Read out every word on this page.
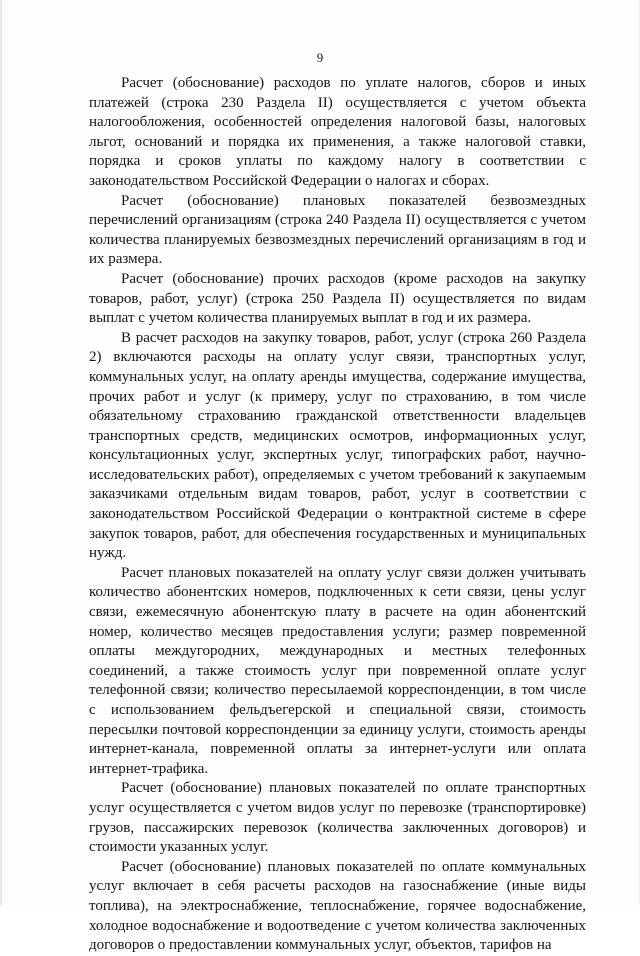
9

Расчет (обоснование) расходов по уплате налогов, сборов и иных платежей (строка 230 Раздела II) осуществляется с учетом объекта налогообложения, особенностей определения налоговой базы, налоговых льгот, оснований и порядка их применения, а также налоговой ставки, порядка и сроков уплаты по каждому налогу в соответствии с законодательством Российской Федерации о налогах и сборах.

Расчет (обоснование) плановых показателей безвозмездных перечислений организациям (строка 240 Раздела II) осуществляется с учетом количества планируемых безвозмездных перечислений организациям в год и их размера.

Расчет (обоснование) прочих расходов (кроме расходов на закупку товаров, работ, услуг) (строка 250 Раздела II) осуществляется по видам выплат с учетом количества планируемых выплат в год и их размера.

В расчет расходов на закупку товаров, работ, услуг (строка 260 Раздела 2) включаются расходы на оплату услуг связи, транспортных услуг, коммунальных услуг, на оплату аренды имущества, содержание имущества, прочих работ и услуг (к примеру, услуг по страхованию, в том числе обязательному страхованию гражданской ответственности владельцев транспортных средств, медицинских осмотров, информационных услуг, консультационных услуг, экспертных услуг, типографских работ, научно-исследовательских работ), определяемых с учетом требований к закупаемым заказчиками отдельным видам товаров, работ, услуг в соответствии с законодательством Российской Федерации о контрактной системе в сфере закупок товаров, работ, для обеспечения государственных и муниципальных нужд.

Расчет плановых показателей на оплату услуг связи должен учитывать количество абонентских номеров, подключенных к сети связи, цены услуг связи, ежемесячную абонентскую плату в расчете на один абонентский номер, количество месяцев предоставления услуги; размер повременной оплаты междугородних, международных и местных телефонных соединений, а также стоимость услуг при повременной оплате услуг телефонной связи; количество пересылаемой корреспонденции, в том числе с использованием фельдъегерской и специальной связи, стоимость пересылки почтовой корреспонденции за единицу услуги, стоимость аренды интернет-канала, повременной оплаты за интернет-услуги или оплата интернет-трафика.

Расчет (обоснование) плановых показателей по оплате транспортных услуг осуществляется с учетом видов услуг по перевозке (транспортировке) грузов, пассажирских перевозок (количества заключенных договоров) и стоимости указанных услуг.

Расчет (обоснование) плановых показателей по оплате коммунальных услуг включает в себя расчеты расходов на газоснабжение (иные виды топлива), на электроснабжение, теплоснабжение, горячее водоснабжение, холодное водоснабжение и водоотведение с учетом количества заключенных договоров о предоставлении коммунальных услуг, объектов, тарифов на
